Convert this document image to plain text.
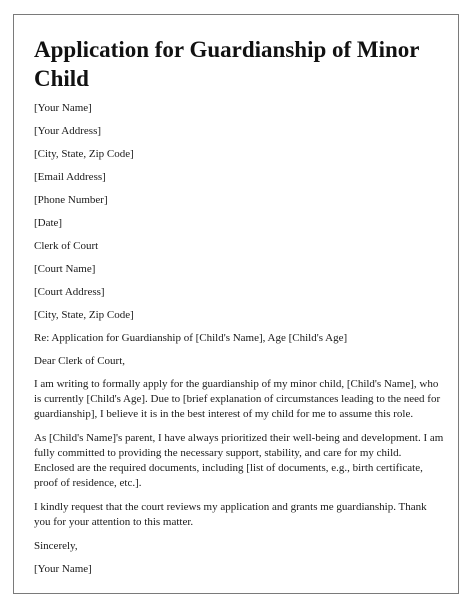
Application for Guardianship of Minor Child

[Your Name]

[Your Address]

[City, State, Zip Code]

[Email Address]

[Phone Number]

[Date]

Clerk of Court

[Court Name]

[Court Address]

[City, State, Zip Code]

Re: Application for Guardianship of [Child's Name], Age [Child's Age]

Dear Clerk of Court,

I am writing to formally apply for the guardianship of my minor child, [Child's Name], who is currently [Child's Age]. Due to [brief explanation of circumstances leading to the need for guardianship], I believe it is in the best interest of my child for me to assume this role.

As [Child's Name]'s parent, I have always prioritized their well-being and development. I am fully committed to providing the necessary support, stability, and care for my child. Enclosed are the required documents, including [list of documents, e.g., birth certificate, proof of residence, etc.].

I kindly request that the court reviews my application and grants me guardianship. Thank you for your attention to this matter.

Sincerely,

[Your Name]
